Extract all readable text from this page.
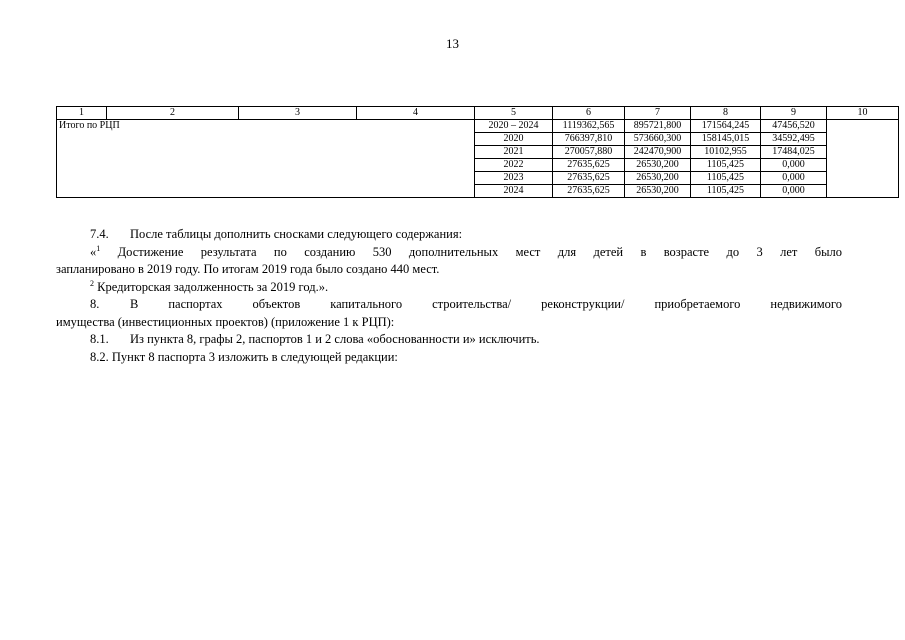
13
1	2	3	4	5	6	7	8	9	10
Итого по РЦП				2020 – 2024	1119362,565	895721,800	171564,245	47456,520	
				2020	766397,810	573660,300	158145,015	34592,495	
				2021	270057,880	242470,900	10102,955	17484,025	
				2022	27635,625	26530,200	1105,425	0,000	
				2023	27635,625	26530,200	1105,425	0,000	
				2024	27635,625	26530,200	1105,425	0,000	

7.4. После таблицы дополнить сносками следующего содержания:

«$^1$ Достижение результата по созданию 530 дополнительных мест для детей в возрасте до 3 лет было

запланировано в 2019 году. По итогам 2019 года было создано 440 мест.

$^2$ Кредиторская задолженность за 2019 год.».

8. В паспортах объектов капитального строительства/ реконструкции/ приобретаемого недвижимого

имущества (инвестиционных проектов) (приложение 1 к РЦП):

8.1. Из пункта 8, графы 2, паспортов 1 и 2 слова «обоснованности и» исключить.

8.2. Пункт 8 паспорта 3 изложить в следующей редакции:
